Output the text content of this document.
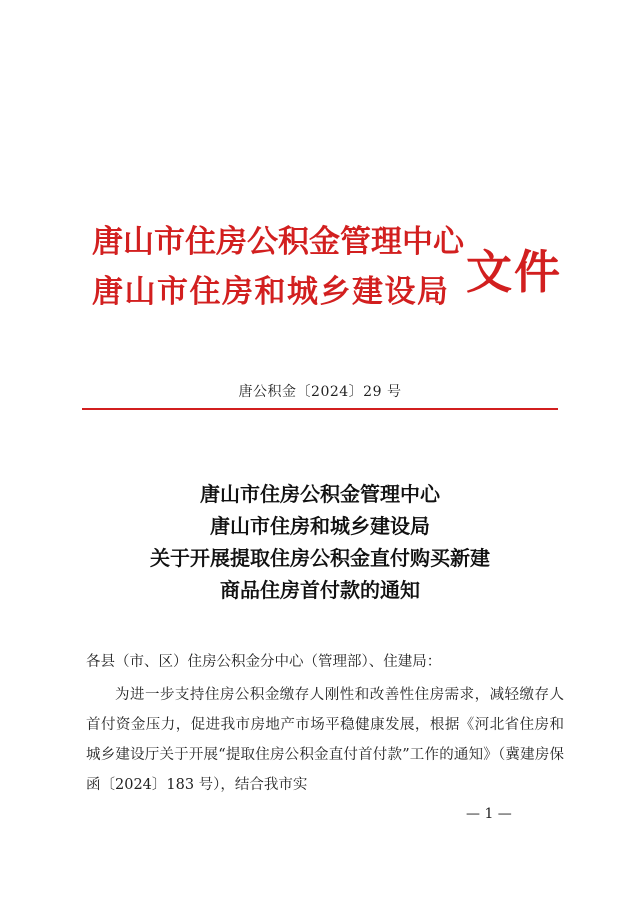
唐山市住房公积金管理中心
唐山市住房和城乡建设局 文件
唐公积金〔2024〕29 号
唐山市住房公积金管理中心
唐山市住房和城乡建设局
关于开展提取住房公积金直付购买新建
商品住房首付款的通知
各县（市、区）住房公积金分中心（管理部）、住建局：

为进一步支持住房公积金缴存人刚性和改善性住房需求，减轻缴存人首付资金压力，促进我市房地产市场平稳健康发展，根据《河北省住房和城乡建设厅关于开展“提取住房公积金直付首付款”工作的通知》（冀建房保函〔2024〕183 号），结合我市实

— 1 —
